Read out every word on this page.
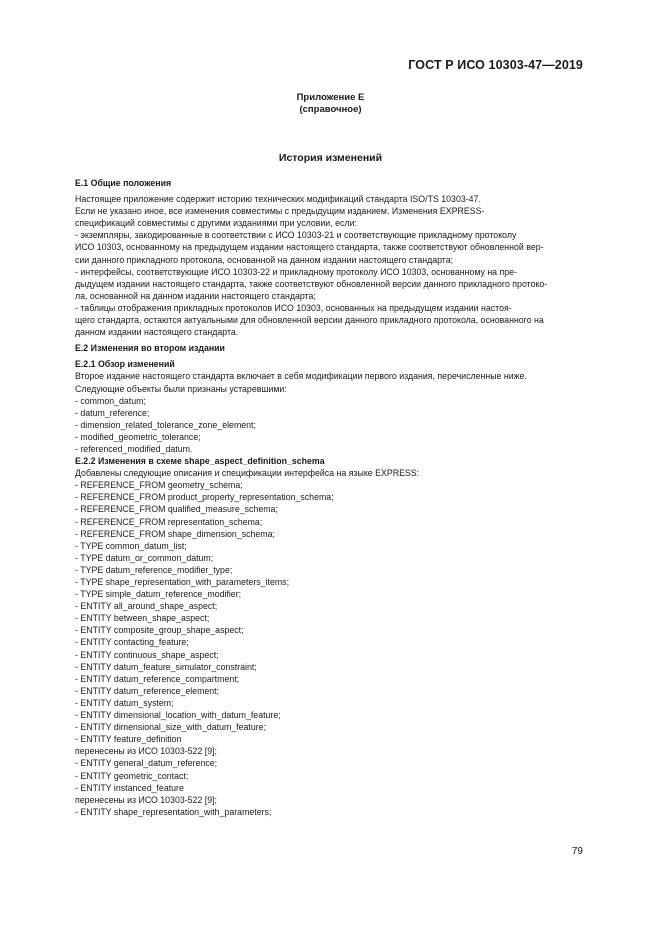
ГОСТ Р ИСО 10303-47—2019
Приложение Е
(справочное)
История изменений

Е.1 Общие положения

Настоящее приложение содержит историю технических модификаций стандарта ISO/TS 10303-47.

Если не указано иное, все изменения совместимы с предыдущим изданием. Изменения EXPRESS-

спецификаций совместимы с другими изданиями при условии, если:

- экземпляры, закодированные в соответствии с ИСО 10303-21 и соответствующие прикладному протоколу

ИСО 10303, основанному на предыдущем издании настоящего стандарта, также соответствуют обновленной вер-

сии данного прикладного протокола, основанной на данном издании настоящего стандарта;

- интерфейсы, соответствующие ИСО 10303-22 и прикладному протоколу ИСО 10303, основанному на пре-

дыдущем издании настоящего стандарта, также соответствуют обновленной версии данного прикладного протоко-

ла, основанной на данном издании настоящего стандарта;

- таблицы отображения прикладных протоколов ИСО 10303, основанных на предыдущем издании настоя-

щего стандарта, остаются актуальными для обновленной версии данного прикладного протокола, основанного на

данном издании настоящего стандарта.

Е.2 Изменения во втором издании

Е.2.1 Обзор изменений

Второе издание настоящего стандарта включает в себя модификации первого издания, перечисленные ниже.

Следующие объекты были признаны устаревшими:

- common_datum;

- datum_reference;

- dimension_related_tolerance_zone_element;

- modified_geometric_tolerance;

- referenced_modified_datum.

Е.2.2 Изменения в схеме shape_aspect_definition_schema

Добавлены следующие описания и спецификации интерфейса на языке EXPRESS:

- REFERENCE_FROM geometry_schema;

- REFERENCE_FROM product_property_representation_schema;

- REFERENCE_FROM qualified_measure_schema;

- REFERENCE_FROM representation_schema;

- REFERENCE_FROM shape_dimension_schema;

- TYPE common_datum_list;

- TYPE datum_or_common_datum;

- TYPE datum_reference_modifier_type;

- TYPE shape_representation_with_parameters_items;

- TYPE simple_datum_reference_modifier;

- ENTITY all_around_shape_aspect;

- ENTITY between_shape_aspect;

- ENTITY composite_group_shape_aspect;

- ENTITY contacting_feature;

- ENTITY continuous_shape_aspect;

- ENTITY datum_feature_simulator_constraint;

- ENTITY datum_reference_compartment;

- ENTITY datum_reference_element;

- ENTITY datum_system;

- ENTITY dimensional_location_with_datum_feature;

- ENTITY dimensional_size_with_datum_feature;

- ENTITY feature_definition

перенесены из ИСО 10303-522 [9];

- ENTITY general_datum_reference;

- ENTITY geometric_contact;

- ENTITY instanced_feature

перенесены из ИСО 10303-522 [9];

- ENTITY shape_representation_with_parameters;

79
